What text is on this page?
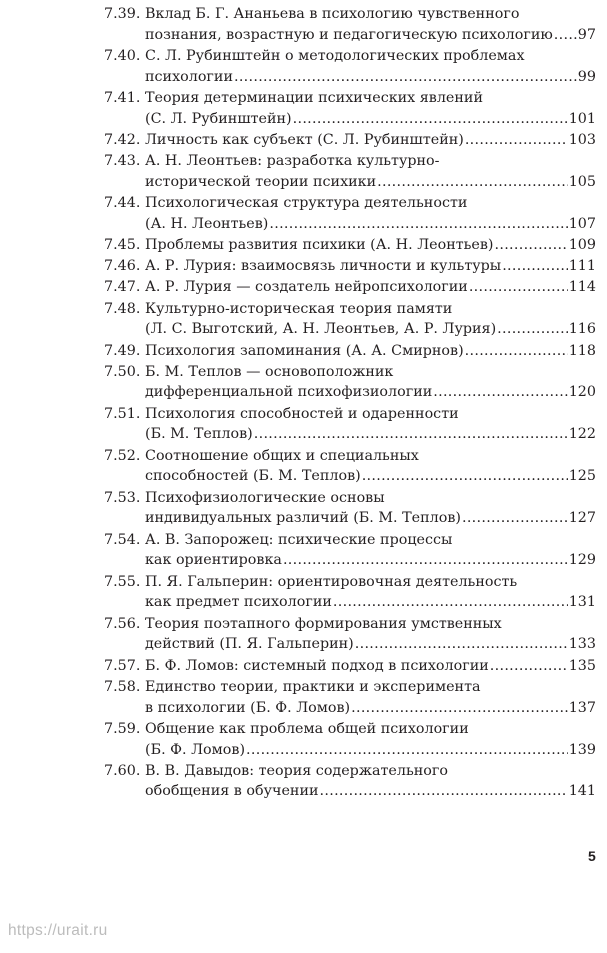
7.39. Вклад Б. Г. Ананьева в психологию чувственного
познания, возрастную и педагогическую психологию ..... 97
7.40. С. Л. Рубинштейн о методологических проблемах
психологии .....	99
7.41. Теория детерминации психических явлений
(С. Л. Рубинштейн) .....	101
7.42. Личность как субъект (С. Л. Рубинштейн) .....	103
7.43. А. Н. Леонтьев: разработка культурно-
исторической теории психики .....	105
7.44. Психологическая структура деятельности
(А. Н. Леонтьев) .....	107
7.45. Проблемы развития психики (А. Н. Леонтьев) .....	109
7.46. А. Р. Лурия: взаимосвязь личности и культуры .....	111
7.47. А. Р. Лурия — создатель нейропсихологии .....	114
7.48. Культурно-историческая теория памяти
(Л. С. Выготский, А. Н. Леонтьев, А. Р. Лурия) .....	116
7.49. Психология запоминания (А. А. Смирнов) .....	118
7.50. Б. М. Теплов — основоположник
дифференциальной психофизиологии .....	120
7.51. Психология способностей и одаренности
(Б. М. Теплов) .....	122
7.52. Соотношение общих и специальных
способностей (Б. М. Теплов) .....	125
7.53. Психофизиологические основы
индивидуальных различий (Б. М. Теплов) .....	127
7.54. А. В. Запорожец: психические процессы
как ориентировка .....	129
7.55. П. Я. Гальперин: ориентировочная деятельность
как предмет психологии .....	131
7.56. Теория поэтапного формирования умственных
действий (П. Я. Гальперин) .....	133
7.57. Б. Ф. Ломов: системный подход в психологии .....	135
7.58. Единство теории, практики и эксперимента
в психологии (Б. Ф. Ломов) .....	137
7.59. Общение как проблема общей психологии
(Б. Ф. Ломов) .....	139
7.60. В. В. Давыдов: теория содержательного
обобщения в обучении .....	141
5
https://urait.ru
